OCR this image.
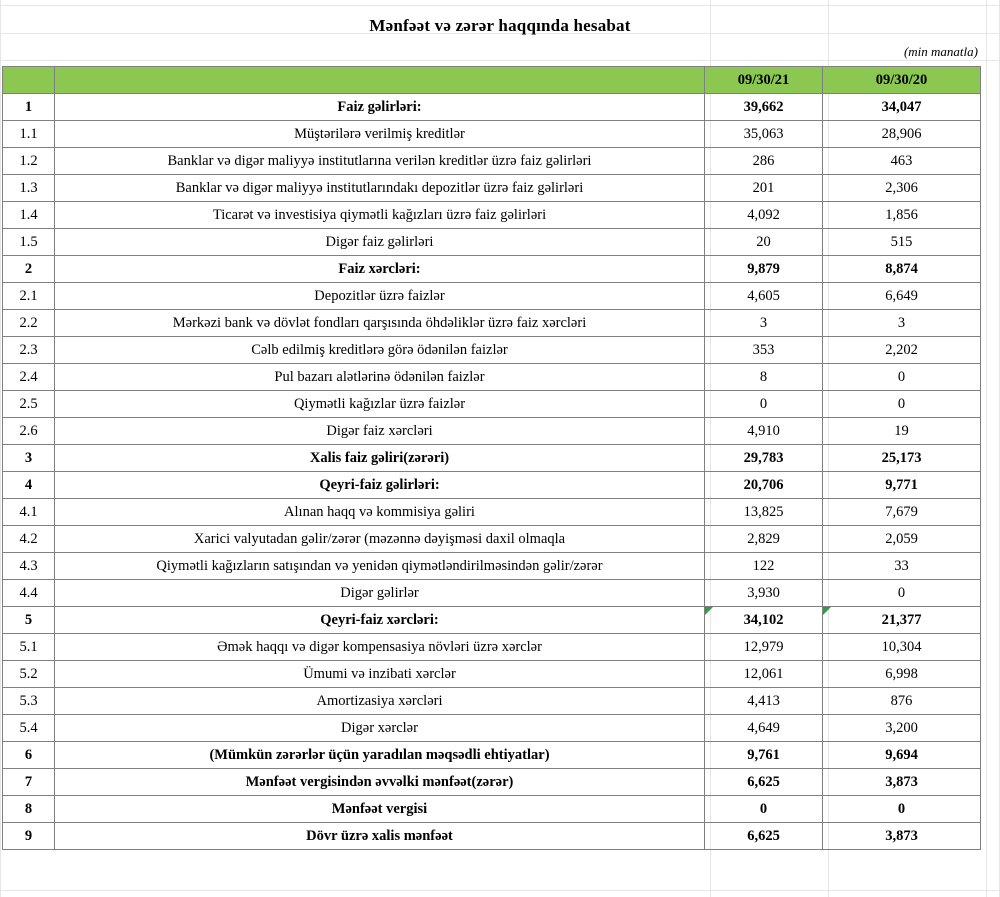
Mənfəət və zərər haqqında hesabat
(min manatla)
		09/30/21	09/30/20
1	Faiz gəlirləri:	39,662	34,047
1.1	Müştərilərə verilmiş kreditlər	35,063	28,906
1.2	Banklar və digər maliyyə institutlarına verilən kreditlər üzrə faiz gəlirləri	286	463
1.3	Banklar və digər maliyyə institutlarındakı depozitlər üzrə faiz gəlirləri	201	2,306
1.4	Ticarət və investisiya qiymətli kağızları üzrə faiz gəlirləri	4,092	1,856
1.5	Digər faiz gəlirləri	20	515
2	Faiz xərcləri:	9,879	8,874
2.1	Depozitlər üzrə faizlər	4,605	6,649
2.2	Mərkəzi bank və dövlət fondları qarşısında öhdəliklər üzrə faiz xərcləri	3	3
2.3	Cəlb edilmiş kreditlərə görə ödənilən faizlər	353	2,202
2.4	Pul bazarı alətlərinə ödənilən faizlər	8	0
2.5	Qiymətli kağızlar üzrə faizlər	0	0
2.6	Digər faiz xərcləri	4,910	19
3	Xalis faiz gəliri(zərəri)	29,783	25,173
4	Qeyri-faiz gəlirləri:	20,706	9,771
4.1	Alınan haqq və kommisiya gəliri	13,825	7,679
4.2	Xarici valyutadan gəlir/zərər (məzənnə dəyişməsi daxil olmaqla	2,829	2,059
4.3	Qiymətli kağızların satışından və yenidən qiymətləndirilməsindən gəlir/zərər	122	33
4.4	Digər gəlirlər	3,930	0
5	Qeyri-faiz xərcləri:	34,102	21,377
5.1	Əmək haqqı və digər kompensasiya növləri üzrə xərclər	12,979	10,304
5.2	Ümumi və inzibati xərclər	12,061	6,998
5.3	Amortizasiya xərcləri	4,413	876
5.4	Digər xərclər	4,649	3,200
6	(Mümkün zərərlər üçün yaradılan məqsədli ehtiyatlar)	9,761	9,694
7	Mənfəət vergisindən əvvəlki mənfəət(zərər)	6,625	3,873
8	Mənfəət vergisi	0	0
9	Dövr üzrə xalis mənfəət	6,625	3,873
